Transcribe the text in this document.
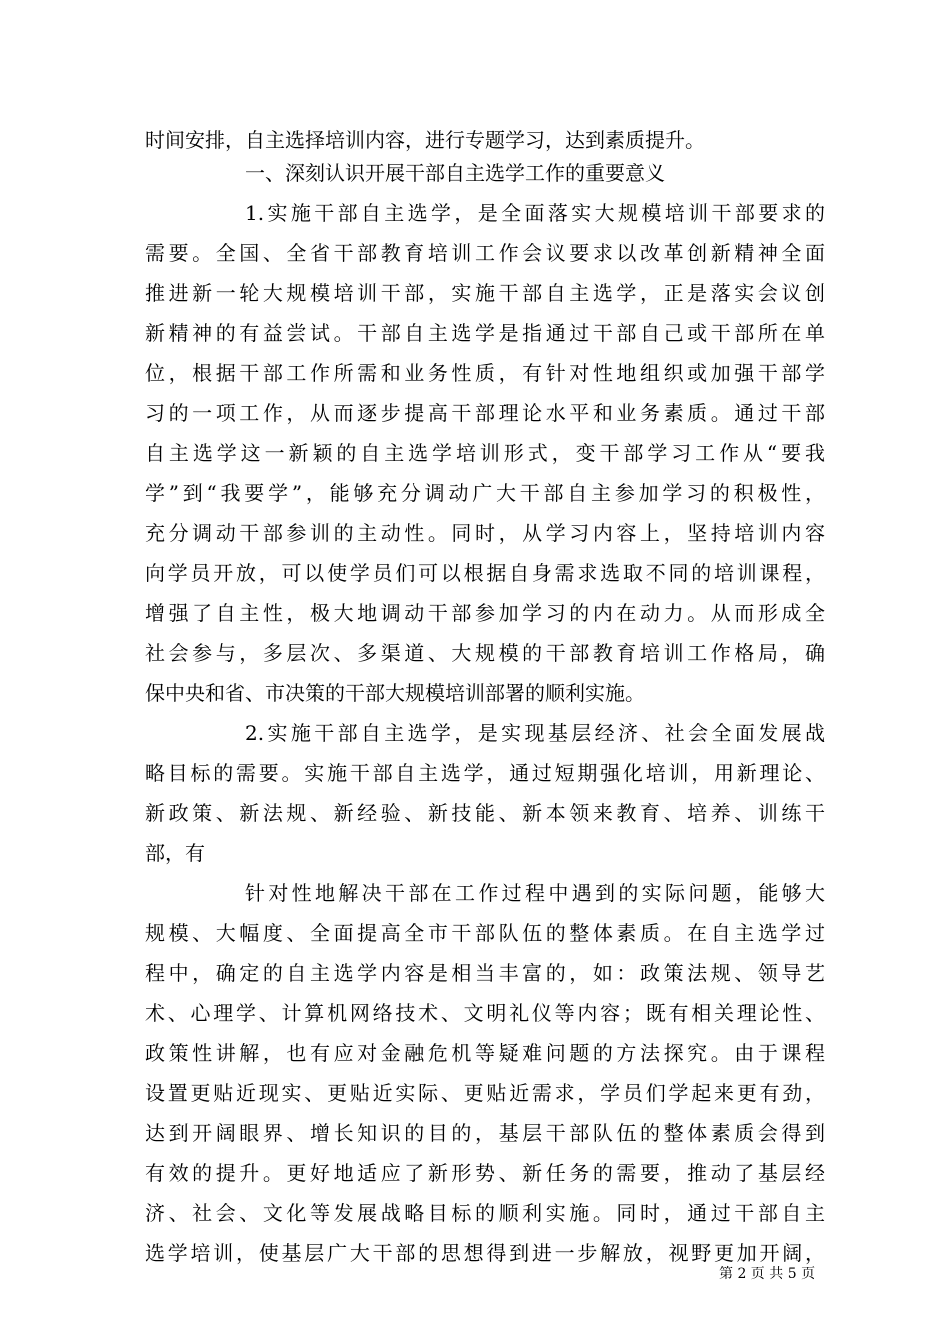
时间安排，自主选择培训内容，进行专题学习，达到素质提升。
一、深刻认识开展干部自主选学工作的重要意义
1.实施干部自主选学，是全面落实大规模培训干部要求的
需要。全国、全省干部教育培训工作会议要求以改革创新精神全面
推进新一轮大规模培训干部，实施干部自主选学，正是落实会议创
新精神的有益尝试。干部自主选学是指通过干部自己或干部所在单
位，根据干部工作所需和业务性质，有针对性地组织或加强干部学
习的一项工作，从而逐步提高干部理论水平和业务素质。通过干部
自主选学这一新颖的自主选学培训形式，变干部学习工作从“要我
学”到“我要学”，能够充分调动广大干部自主参加学习的积极性，
充分调动干部参训的主动性。同时，从学习内容上，坚持培训内容
向学员开放，可以使学员们可以根据自身需求选取不同的培训课程，
增强了自主性，极大地调动干部参加学习的内在动力。从而形成全
社会参与，多层次、多渠道、大规模的干部教育培训工作格局，确
保中央和省、市决策的干部大规模培训部署的顺利实施。
2.实施干部自主选学，是实现基层经济、社会全面发展战
略目标的需要。实施干部自主选学，通过短期强化培训，用新理论、
新政策、新法规、新经验、新技能、新本领来教育、培养、训练干
部，有
针对性地解决干部在工作过程中遇到的实际问题，能够大
规模、大幅度、全面提高全市干部队伍的整体素质。在自主选学过
程中，确定的自主选学内容是相当丰富的，如：政策法规、领导艺
术、心理学、计算机网络技术、文明礼仪等内容；既有相关理论性、
政策性讲解，也有应对金融危机等疑难问题的方法探究。由于课程
设置更贴近现实、更贴近实际、更贴近需求，学员们学起来更有劲，
达到开阔眼界、增长知识的目的，基层干部队伍的整体素质会得到
有效的提升。更好地适应了新形势、新任务的需要，推动了基层经
济、社会、文化等发展战略目标的顺利实施。同时，通过干部自主
选学培训，使基层广大干部的思想得到进一步解放，视野更加开阔，
第 2 页 共 5 页
